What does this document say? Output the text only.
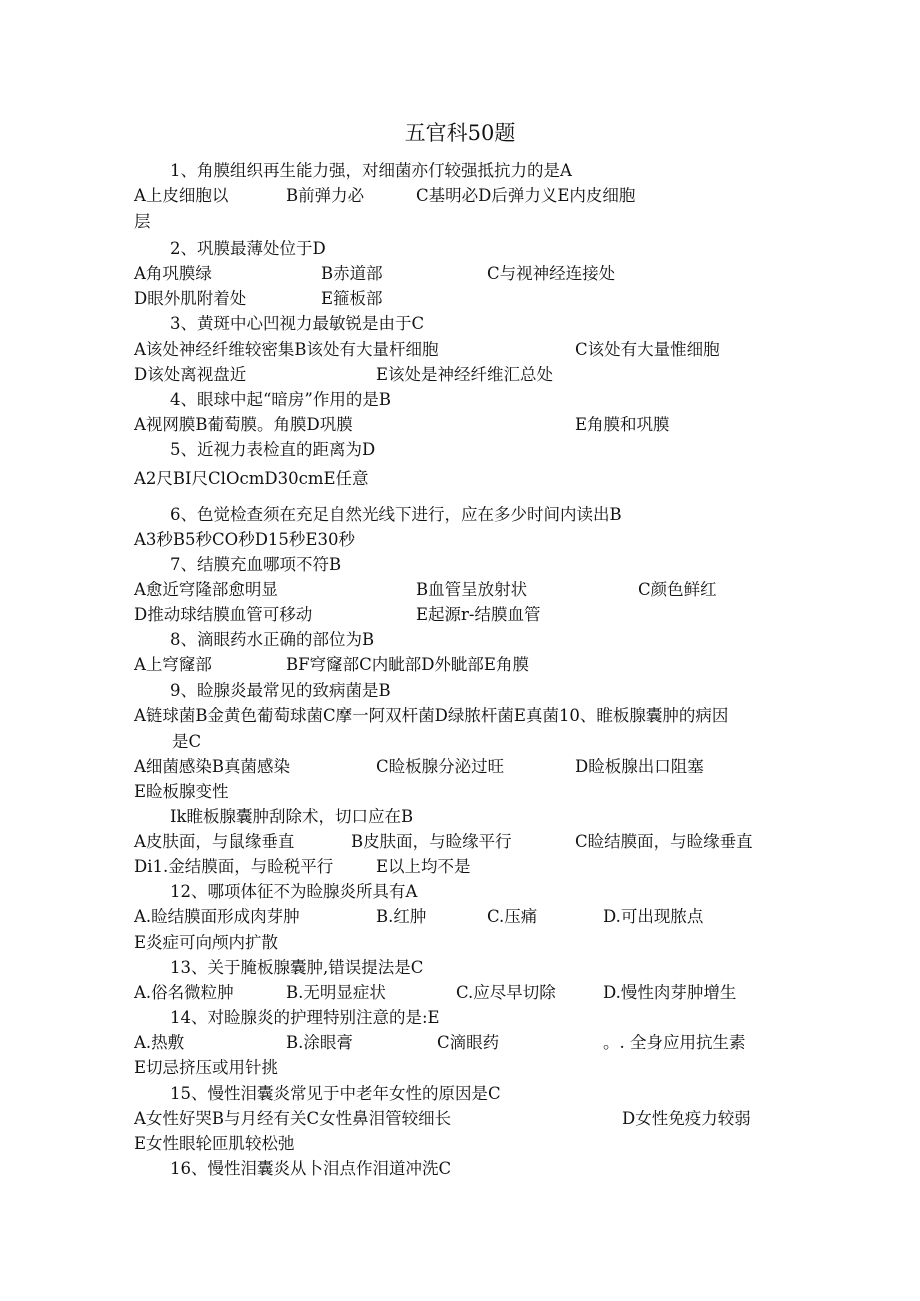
五官科50题
1、角膜组织再生能力强，对细菌亦仃较强抵抗力的是A
A上皮细胞以	B前弹力必	C基明必D后弹力义E内皮细胞
层
2、巩膜最薄处位于D
A角巩膜绿	B赤道部	C与视神经连接处
D眼外肌附着处	E箍板部
3、黄斑中心凹视力最敏锐是由于C
A该处神经纤维较密集B该处有大量杆细胞	C该处有大量惟细胞
D该处离视盘近	E该处是神经纤维汇总处
4、眼球中起“暗房”作用的是B
A视网膜B葡萄膜。角膜D巩膜	E角膜和巩膜
5、近视力表检直的距离为D
A2尺BI尺ClOcmD30cmE任意
6、色觉检查须在充足自然光线下进行，应在多少时间内读出B
A3秒B5秒CO秒D15秒E30秒
7、结膜充血哪项不符B
A愈近穹隆部愈明显	B血管呈放射状	C颜色鲜红
D推动球结膜血管可移动	E起源r-结膜血管
8、滴眼药水正确的部位为B
A上穹窿部	BF穹窿部C内眦部D外眦部E角膜
9、睑腺炎最常见的致病菌是B
A链球菌B金黄色葡萄球菌C摩一阿双杆菌D绿脓杆菌E真菌10、睢板腺囊肿的病因
是C
A细菌感染B真菌感染	C睑板腺分泌过旺	D睑板腺出口阻塞
E睑板腺变性
Ik睢板腺囊肿刮除术，切口应在B
A皮肤面，与鼠缘垂直	B皮肤面，与睑缘平行	C睑结膜面，与睑缘垂直
Di1.金结膜面，与睑税平行	E以上均不是
12、哪项体征不为睑腺炎所具有A
A.睑结膜面形成肉芽肿	B.红肿	C.压痛	D.可出现脓点
E炎症可向颅内扩散
13、关于腌板腺囊肿,错误提法是C
A.俗名微粒肿	B.无明显症状	C.应尽早切除	D.慢性肉芽肿增生
14、对睑腺炎的护理特别注意的是:E
A.热敷	B.涂眼膏	C滴眼药	。. 全身应用抗生素
E切忌挤压或用针挑
15、慢性泪囊炎常见于中老年女性的原因是C
A女性好哭B与月经有关C女性鼻泪管较细长	D女性免疫力较弱
E女性眼轮匝肌较松弛
16、慢性泪囊炎从卜泪点作泪道冲洗C
